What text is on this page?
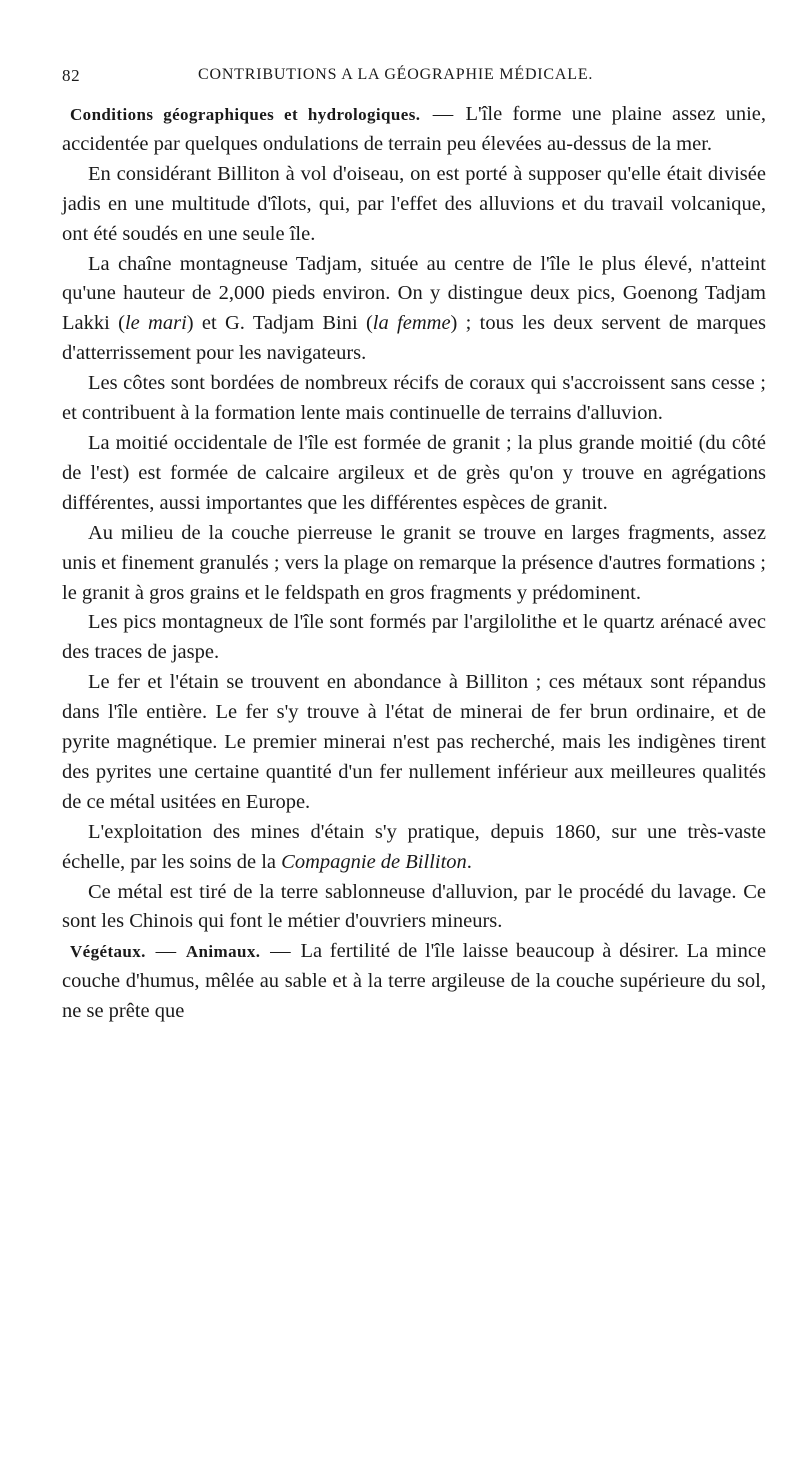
82	CONTRIBUTIONS A LA GÉOGRAPHIE MÉDICALE.

Conditions géographiques et hydrologiques. — L'île forme une plaine assez unie, accidentée par quelques ondulations de terrain peu élevées au-dessus de la mer.

En considérant Billiton à vol d'oiseau, on est porté à supposer qu'elle était divisée jadis en une multitude d'îlots, qui, par l'effet des alluvions et du travail volcanique, ont été soudés en une seule île.

La chaîne montagneuse Tadjam, située au centre de l'île le plus élevé, n'atteint qu'une hauteur de 2,000 pieds environ. On y distingue deux pics, Goenong Tadjam Lakki (le mari) et G. Tadjam Bini (la femme) ; tous les deux servent de marques d'atterrissement pour les navigateurs.

Les côtes sont bordées de nombreux récifs de coraux qui s'accroissent sans cesse ; et contribuent à la formation lente mais continuelle de terrains d'alluvion.

La moitié occidentale de l'île est formée de granit ; la plus grande moitié (du côté de l'est) est formée de calcaire argileux et de grès qu'on y trouve en agrégations différentes, aussi importantes que les différentes espèces de granit.

Au milieu de la couche pierreuse le granit se trouve en larges fragments, assez unis et finement granulés ; vers la plage on remarque la présence d'autres formations ; le granit à gros grains et le feldspath en gros fragments y prédominent.

Les pics montagneux de l'île sont formés par l'argilolithe et le quartz arénacé avec des traces de jaspe.

Le fer et l'étain se trouvent en abondance à Billiton ; ces métaux sont répandus dans l'île entière. Le fer s'y trouve à l'état de minerai de fer brun ordinaire, et de pyrite magnétique. Le premier minerai n'est pas recherché, mais les indigènes tirent des pyrites une certaine quantité d'un fer nullement inférieur aux meilleures qualités de ce métal usitées en Europe.

L'exploitation des mines d'étain s'y pratique, depuis 1860, sur une très-vaste échelle, par les soins de la Compagnie de Billiton.

Ce métal est tiré de la terre sablonneuse d'alluvion, par le procédé du lavage. Ce sont les Chinois qui font le métier d'ouvriers mineurs.

Végétaux. — Animaux. — La fertilité de l'île laisse beaucoup à désirer. La mince couche d'humus, mêlée au sable et à la terre argileuse de la couche supérieure du sol, ne se prête que
